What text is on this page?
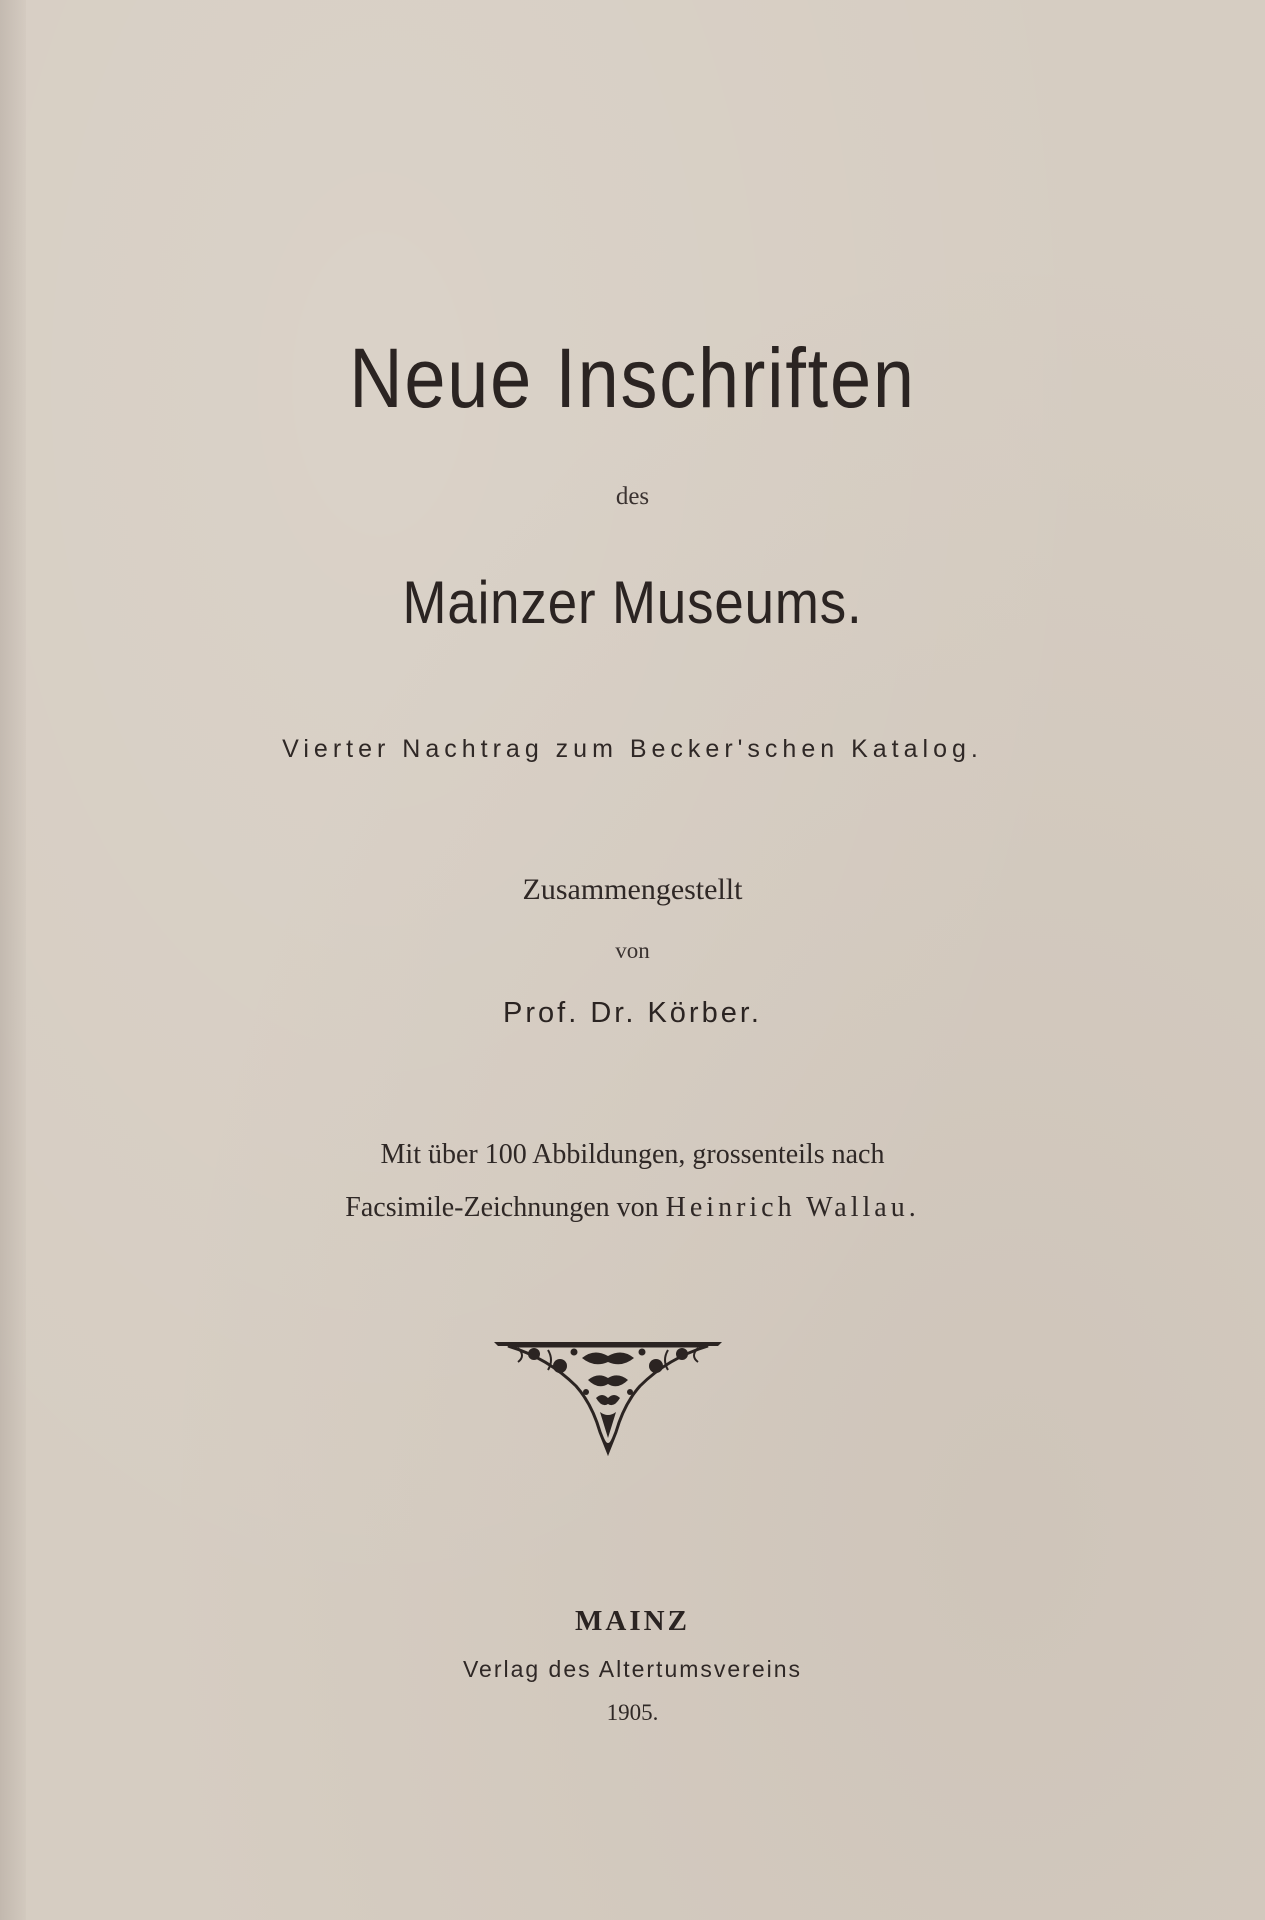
Neue Inschriften
des
Mainzer Museums.
Vierter Nachtrag zum Becker'schen Katalog.
Zusammengestellt
von
Prof. Dr. Körber.
Mit über 100 Abbildungen, grossenteils nach
Facsimile-Zeichnungen von Heinrich Wallau.
MAINZ
Verlag des Altertumsvereins
1905.
